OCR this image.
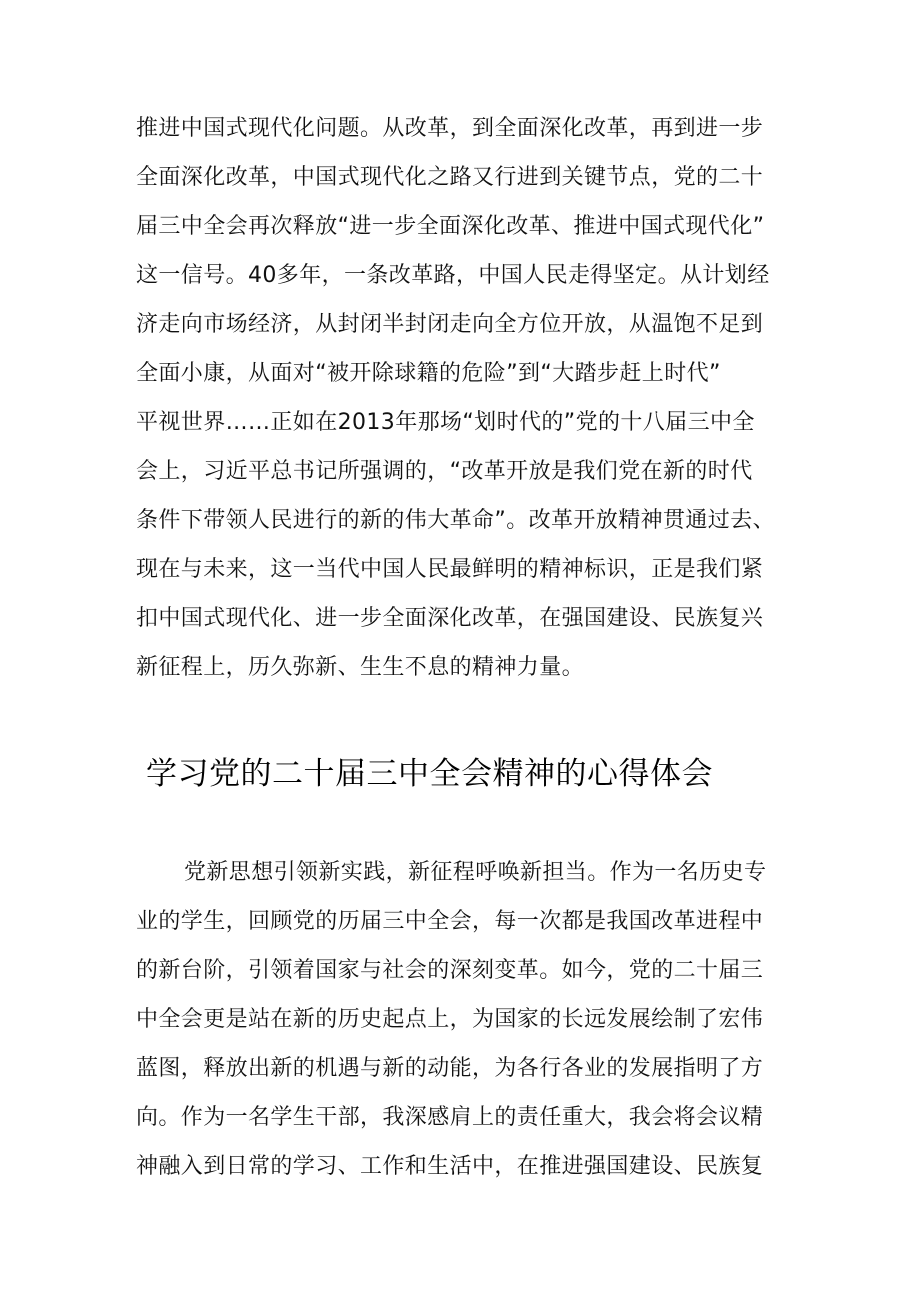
推进中国式现代化问题。从改革，到全面深化改革，再到进一步
全面深化改革，中国式现代化之路又行进到关键节点，党的二十
届三中全会再次释放“进一步全面深化改革、推进中国式现代化”
这一信号。40多年，一条改革路，中国人民走得坚定。从计划经
济走向市场经济，从封闭半封闭走向全方位开放，从温饱不足到
全面小康，从面对“被开除球籍的危险”到“大踏步赶上时代”
平视世界……正如在2013年那场“划时代的”党的十八届三中全
会上，习近平总书记所强调的，“改革开放是我们党在新的时代
条件下带领人民进行的新的伟大革命”。改革开放精神贯通过去、
现在与未来，这一当代中国人民最鲜明的精神标识，正是我们紧
扣中国式现代化、进一步全面深化改革，在强国建设、民族复兴
新征程上，历久弥新、生生不息的精神力量。
学习党的二十届三中全会精神的心得体会
党新思想引领新实践，新征程呼唤新担当。作为一名历史专
业的学生，回顾党的历届三中全会，每一次都是我国改革进程中
的新台阶，引领着国家与社会的深刻变革。如今，党的二十届三
中全会更是站在新的历史起点上，为国家的长远发展绘制了宏伟
蓝图，释放出新的机遇与新的动能，为各行各业的发展指明了方
向。作为一名学生干部，我深感肩上的责任重大，我会将会议精
神融入到日常的学习、工作和生活中，在推进强国建设、民族复
